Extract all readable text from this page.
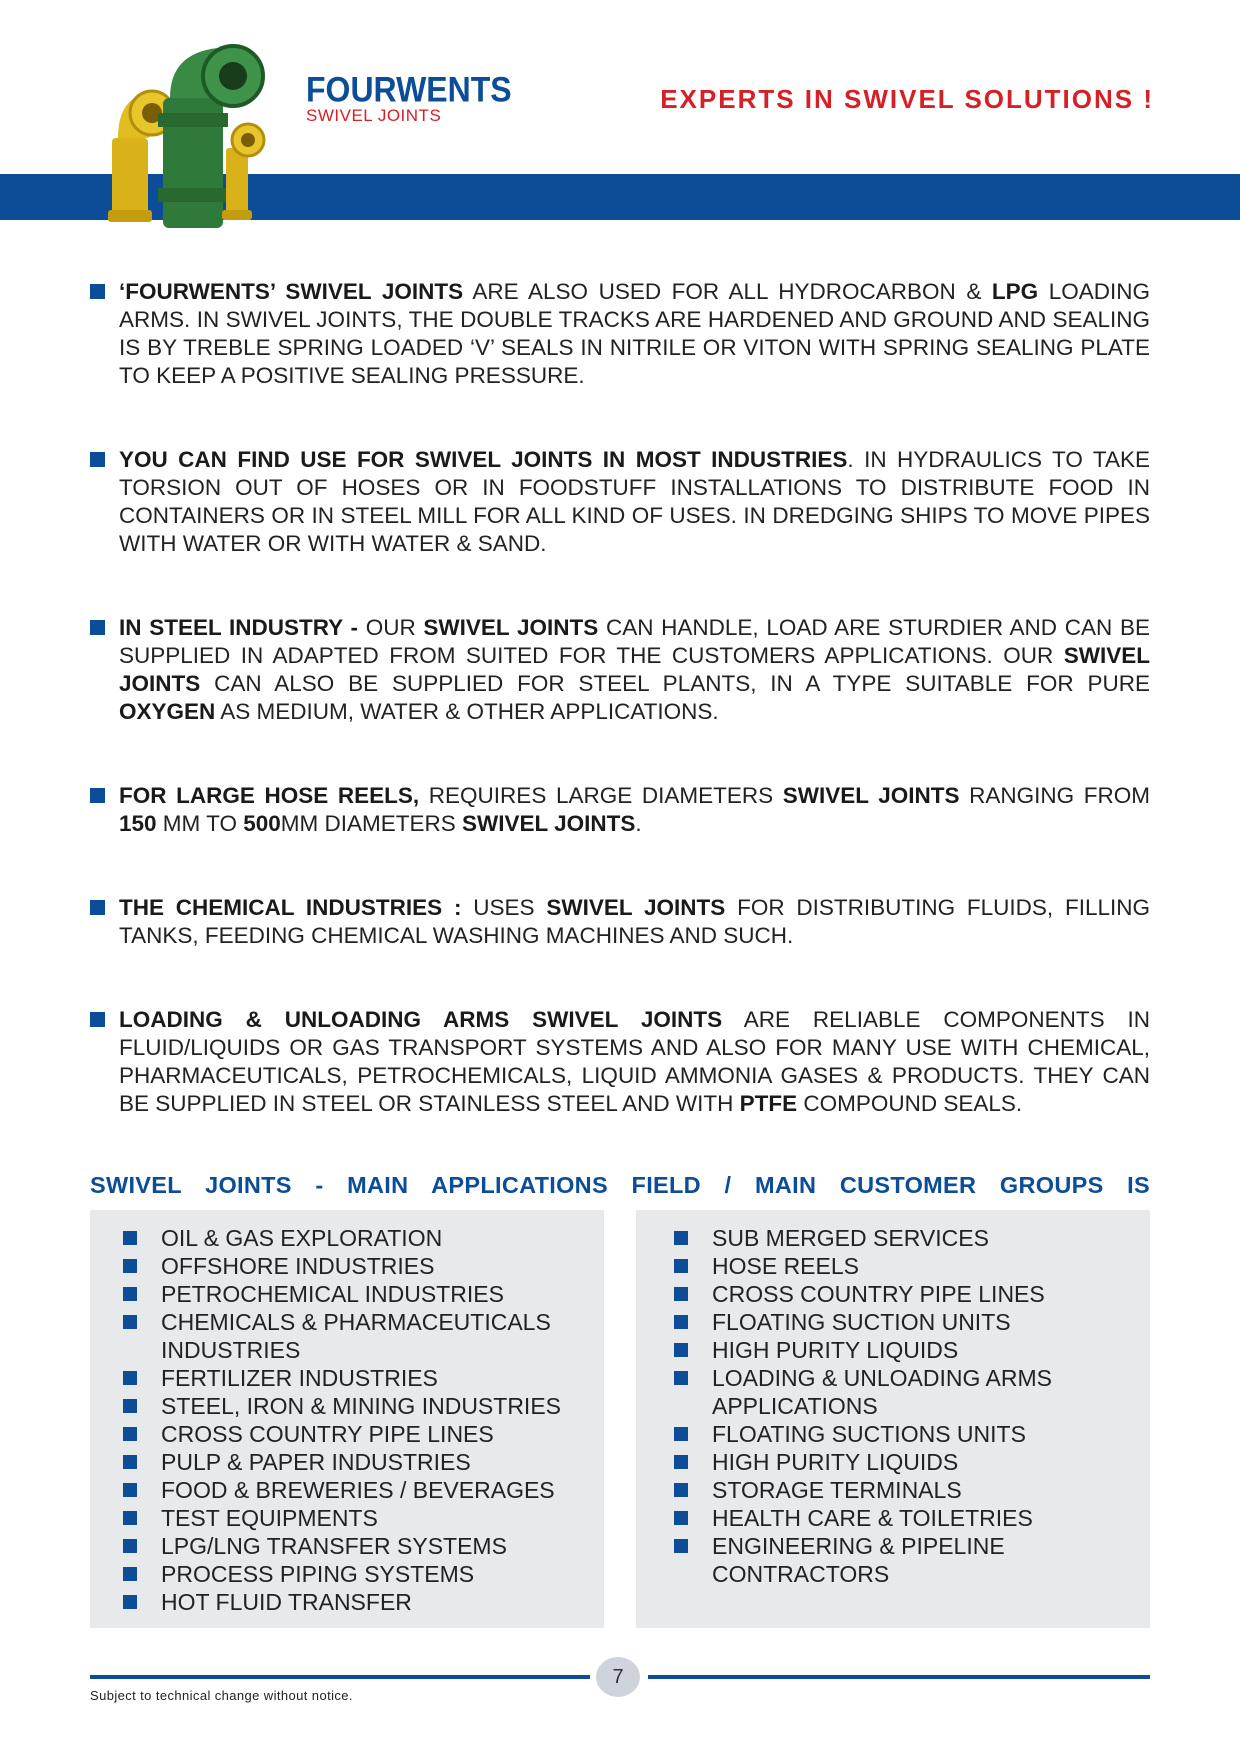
FOURWENTS
SWIVEL JOINTS
EXPERTS IN SWIVEL SOLUTIONS !
‘FOURWENTS’ SWIVEL JOINTS ARE ALSO USED FOR ALL HYDROCARBON & LPG LOADING ARMS. IN SWIVEL JOINTS, THE DOUBLE TRACKS ARE HARDENED AND GROUND AND SEALING IS BY TREBLE SPRING LOADED ‘V’ SEALS IN NITRILE OR VITON WITH SPRING SEALING PLATE TO KEEP A POSITIVE SEALING PRESSURE.
YOU CAN FIND USE FOR SWIVEL JOINTS IN MOST INDUSTRIES. IN HYDRAULICS TO TAKE TORSION OUT OF HOSES OR IN FOODSTUFF INSTALLATIONS TO DISTRIBUTE FOOD IN CONTAINERS OR IN STEEL MILL FOR ALL KIND OF USES. IN DREDGING SHIPS TO MOVE PIPES WITH WATER OR WITH WATER & SAND.
IN STEEL INDUSTRY - OUR SWIVEL JOINTS CAN HANDLE, LOAD ARE STURDIER AND CAN BE SUPPLIED IN ADAPTED FROM SUITED FOR THE CUSTOMERS APPLICATIONS. OUR SWIVEL JOINTS CAN ALSO BE SUPPLIED FOR STEEL PLANTS, IN A TYPE SUITABLE FOR PURE OXYGEN AS MEDIUM, WATER & OTHER APPLICATIONS.
FOR LARGE HOSE REELS, REQUIRES LARGE DIAMETERS SWIVEL JOINTS RANGING FROM 150 MM TO 500MM DIAMETERS SWIVEL JOINTS.
THE CHEMICAL INDUSTRIES : USES SWIVEL JOINTS FOR DISTRIBUTING FLUIDS, FILLING TANKS, FEEDING CHEMICAL WASHING MACHINES AND SUCH.
LOADING & UNLOADING ARMS SWIVEL JOINTS ARE RELIABLE COMPONENTS IN FLUID/LIQUIDS OR GAS TRANSPORT SYSTEMS AND ALSO FOR MANY USE WITH CHEMICAL, PHARMACEUTICALS, PETROCHEMICALS, LIQUID AMMONIA GASES & PRODUCTS. THEY CAN BE SUPPLIED IN STEEL OR STAINLESS STEEL AND WITH PTFE COMPOUND SEALS.
SWIVEL JOINTS - MAIN APPLICATIONS FIELD / MAIN CUSTOMER GROUPS IS
OIL & GAS EXPLORATION
OFFSHORE INDUSTRIES
PETROCHEMICAL INDUSTRIES
CHEMICALS & PHARMACEUTICALS INDUSTRIES
FERTILIZER INDUSTRIES
STEEL, IRON & MINING INDUSTRIES
CROSS COUNTRY PIPE LINES
PULP & PAPER INDUSTRIES
FOOD & BREWERIES / BEVERAGES
TEST EQUIPMENTS
LPG/LNG TRANSFER SYSTEMS
PROCESS PIPING SYSTEMS
HOT FLUID TRANSFER
SUB MERGED SERVICES
HOSE REELS
CROSS COUNTRY PIPE LINES
FLOATING SUCTION UNITS
HIGH PURITY LIQUIDS
LOADING & UNLOADING ARMS APPLICATIONS
FLOATING SUCTIONS UNITS
HIGH PURITY LIQUIDS
STORAGE TERMINALS
HEALTH CARE & TOILETRIES
ENGINEERING & PIPELINE CONTRACTORS
7
Subject to technical change without notice.
